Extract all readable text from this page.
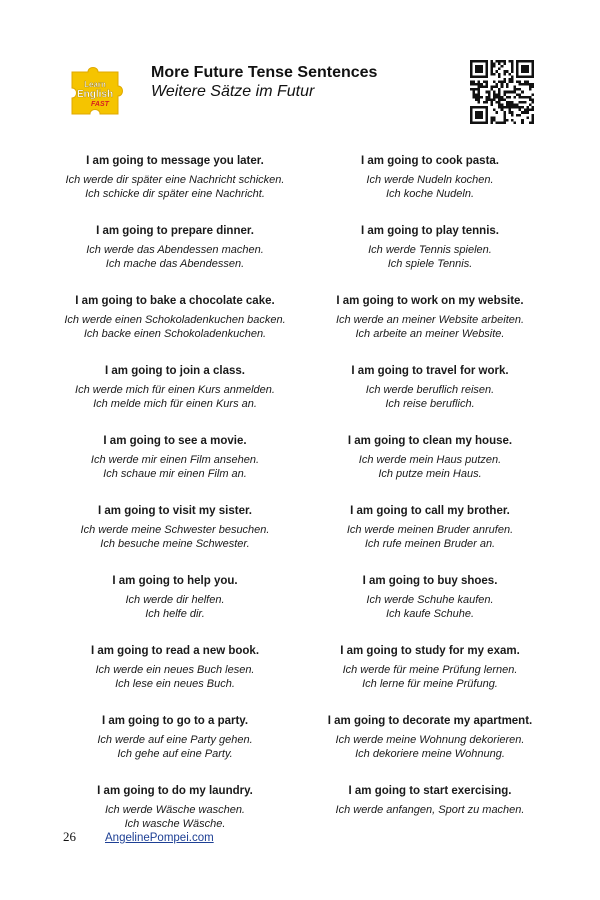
Learn
English
FAST
More Future Tense Sentences
Weitere Sätze im Futur
I am going to message you later.
Ich werde dir später eine Nachricht schicken.
Ich schicke dir später eine Nachricht.
I am going to prepare dinner.
Ich werde das Abendessen machen.
Ich mache das Abendessen.
I am going to bake a chocolate cake.
Ich werde einen Schokoladenkuchen backen.
Ich backe einen Schokoladenkuchen.
I am going to join a class.
Ich werde mich für einen Kurs anmelden.
Ich melde mich für einen Kurs an.
I am going to see a movie.
Ich werde mir einen Film ansehen.
Ich schaue mir einen Film an.
I am going to visit my sister.
Ich werde meine Schwester besuchen.
Ich besuche meine Schwester.
I am going to help you.
Ich werde dir helfen.
Ich helfe dir.
I am going to read a new book.
Ich werde ein neues Buch lesen.
Ich lese ein neues Buch.
I am going to go to a party.
Ich werde auf eine Party gehen.
Ich gehe auf eine Party.
I am going to do my laundry.
Ich werde Wäsche waschen.
Ich wasche Wäsche.
I am going to cook pasta.
Ich werde Nudeln kochen.
Ich koche Nudeln.
I am going to play tennis.
Ich werde Tennis spielen.
Ich spiele Tennis.
I am going to work on my website.
Ich werde an meiner Website arbeiten.
Ich arbeite an meiner Website.
I am going to travel for work.
Ich werde beruflich reisen.
Ich reise beruflich.
I am going to clean my house.
Ich werde mein Haus putzen.
Ich putze mein Haus.
I am going to call my brother.
Ich werde meinen Bruder anrufen.
Ich rufe meinen Bruder an.
I am going to buy shoes.
Ich werde Schuhe kaufen.
Ich kaufe Schuhe.
I am going to study for my exam.
Ich werde für meine Prüfung lernen.
Ich lerne für meine Prüfung.
I am going to decorate my apartment.
Ich werde meine Wohnung dekorieren.
Ich dekoriere meine Wohnung.
I am going to start exercising.
Ich werde anfangen, Sport zu machen.

26	AngelinePompei.com
